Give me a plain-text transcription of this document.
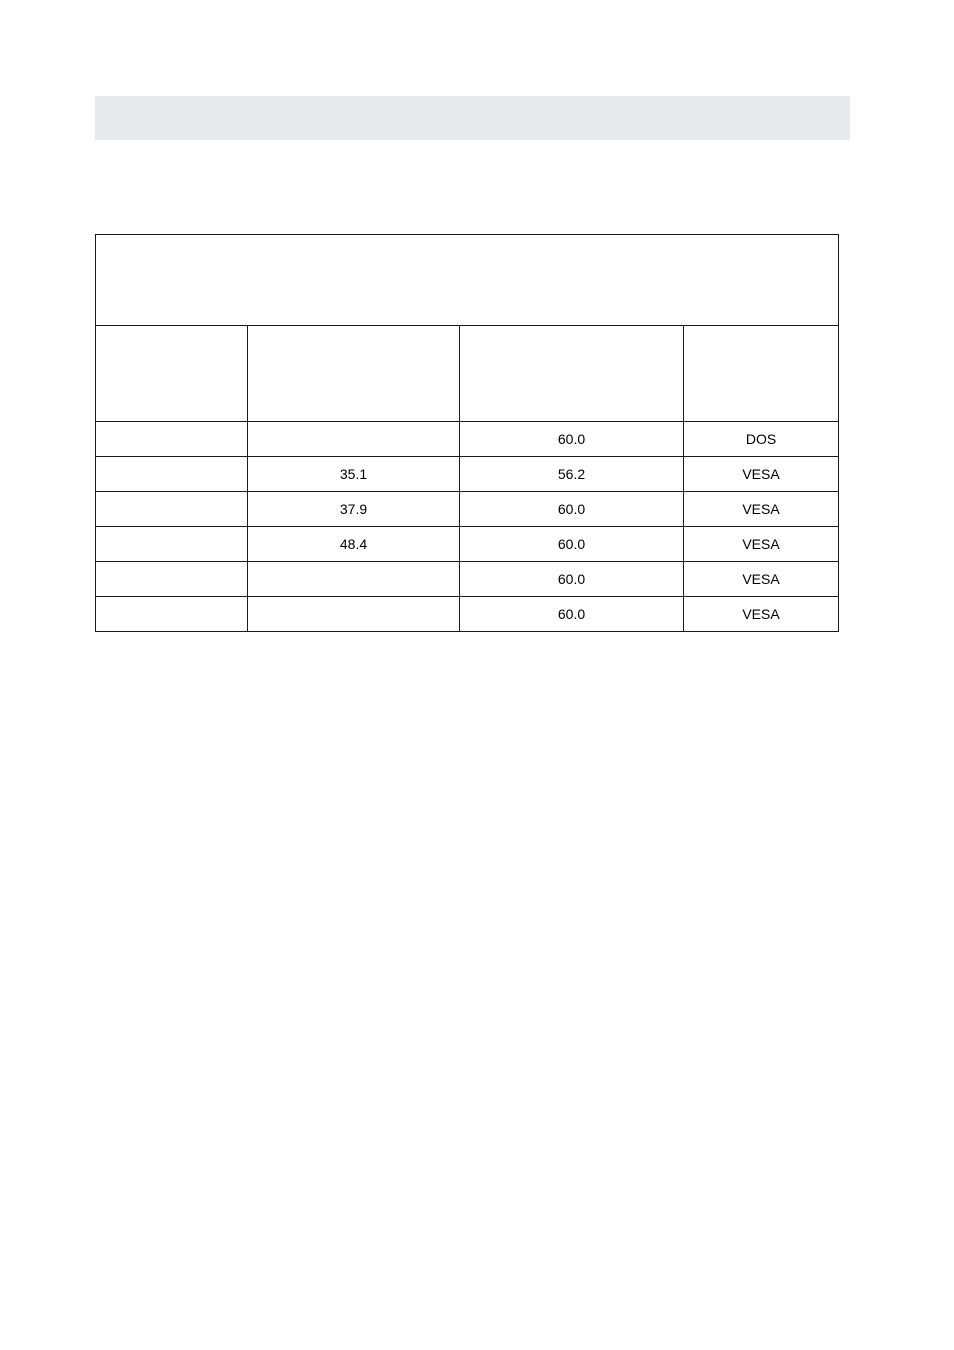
		60.0	DOS
	35.1	56.2	VESA
	37.9	60.0	VESA
	48.4	60.0	VESA
		60.0	VESA
		60.0	VESA
